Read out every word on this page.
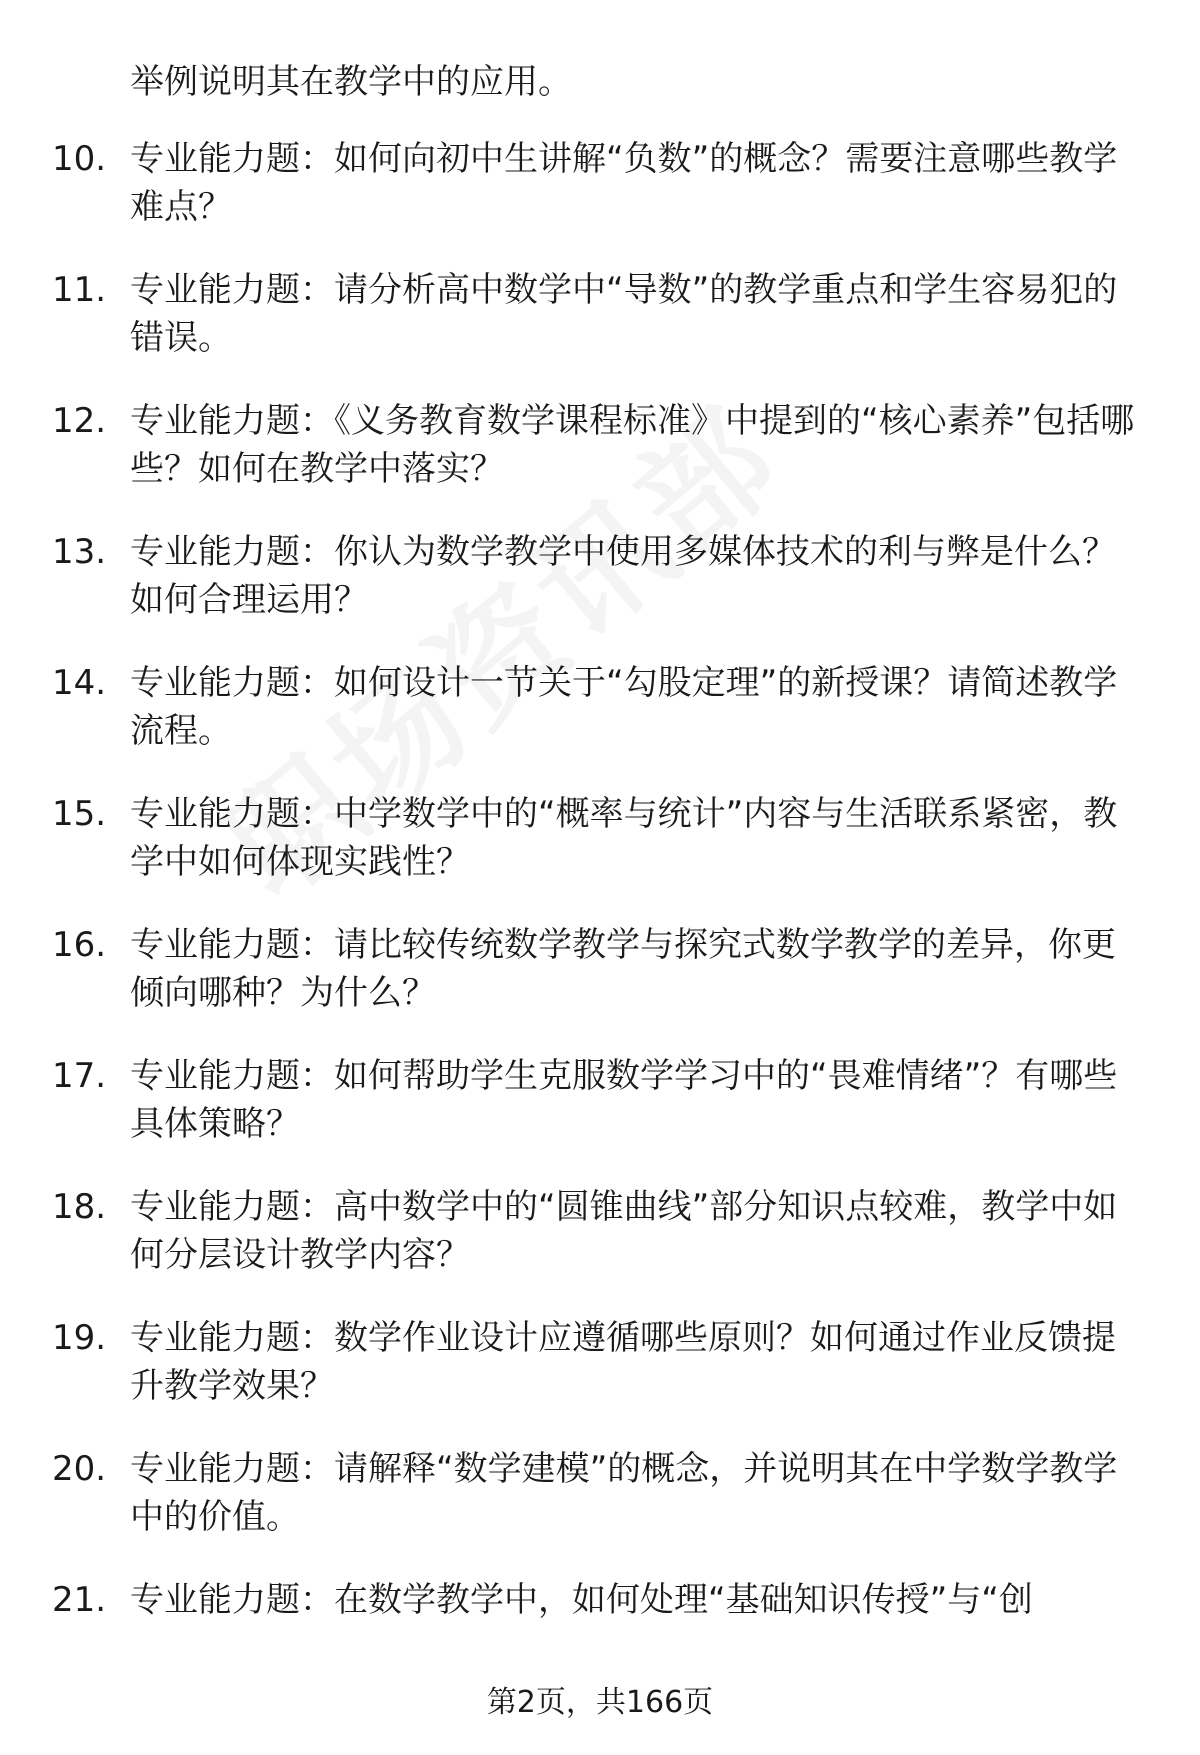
举例说明其在教学中的应用。
10. 专业能力题：如何向初中生讲解“负数”的概念？需要注意哪些教学难点？
11. 专业能力题：请分析高中数学中“导数”的教学重点和学生容易犯的错误。
12. 专业能力题：《义务教育数学课程标准》中提到的“核心素养”包括哪些？如何在教学中落实？
13. 专业能力题：你认为数学教学中使用多媒体技术的利与弊是什么？如何合理运用？
14. 专业能力题：如何设计一节关于“勾股定理”的新授课？请简述教学流程。
15. 专业能力题：中学数学中的“概率与统计”内容与生活联系紧密，教学中如何体现实践性？
16. 专业能力题：请比较传统数学教学与探究式数学教学的差异，你更倾向哪种？为什么？
17. 专业能力题：如何帮助学生克服数学学习中的“畏难情绪”？有哪些具体策略？
18. 专业能力题：高中数学中的“圆锥曲线”部分知识点较难，教学中如何分层设计教学内容？
19. 专业能力题：数学作业设计应遵循哪些原则？如何通过作业反馈提升教学效果？
20. 专业能力题：请解释“数学建模”的概念，并说明其在中学数学教学中的价值。
21. 专业能力题：在数学教学中，如何处理“基础知识传授”与“创
第2页，共166页
